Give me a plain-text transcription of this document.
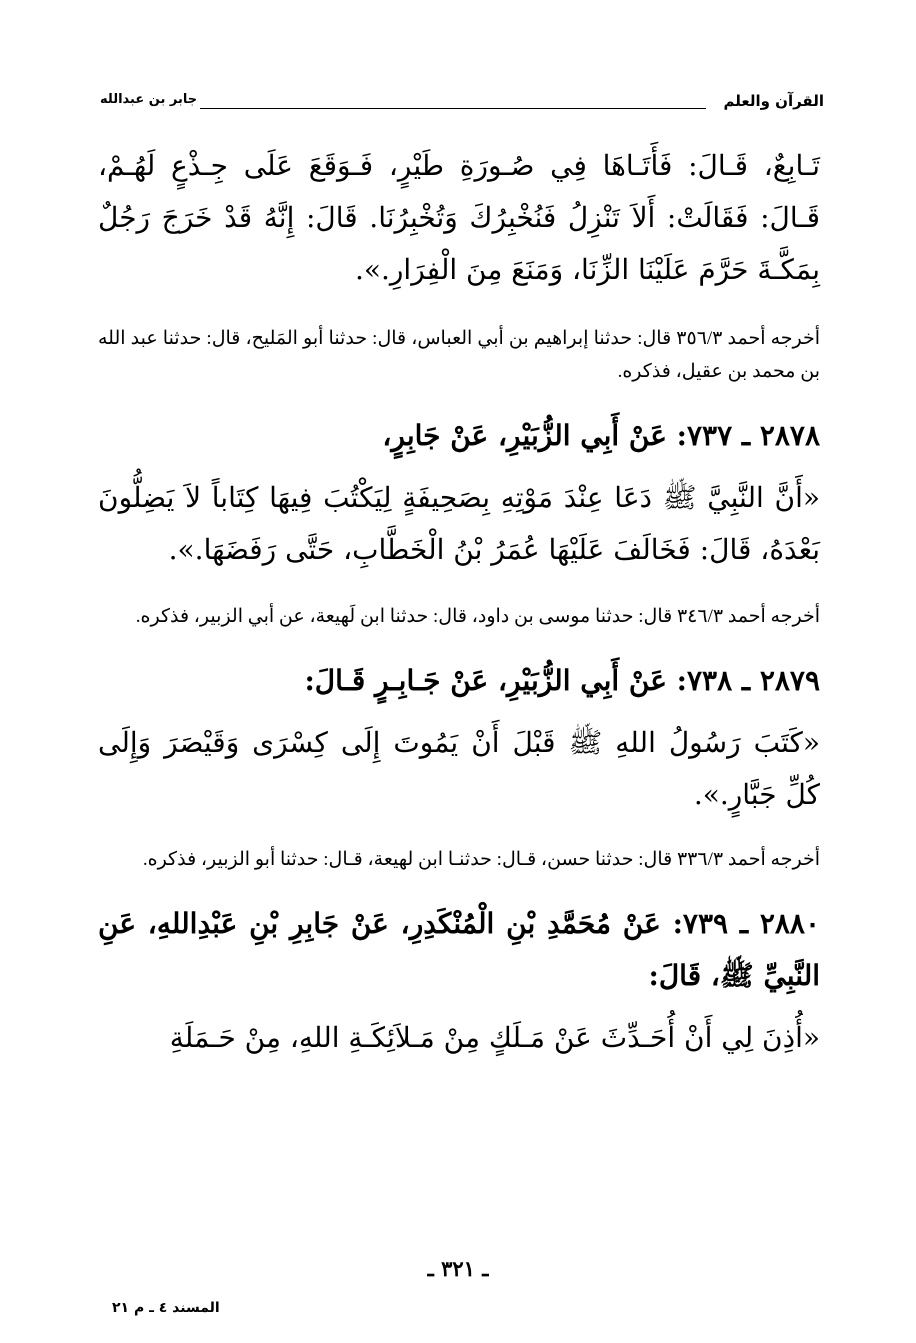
القرآن والعلم
جابر بن عبدالله

تَـابِعٌ، قَـالَ: فَأَتَـاهَا فِي صُـورَةِ طَيْرٍ، فَـوَقَعَ عَلَى جِـذْعٍ لَهُـمْ، قَـالَ: فَقَالَتْ: أَلاَ تَنْزِلُ فَنُخْبِرُكَ وَتُخْبِرُنَا. قَالَ: إِنَّهُ قَدْ خَرَجَ رَجُلٌ بِمَكَّـةَ حَرَّمَ عَلَيْنَا الزِّنَا، وَمَنَعَ مِنَ الْفِرَارِ.».

أخرجه أحمد ٣٥٦/٣ قال: حدثنا إبراهيم بن أبي العباس، قال: حدثنا أبو المَليح، قال: حدثنا عبد الله بن محمد بن عقيل، فذكره.

٢٨٧٨ ـ ٧٣٧: عَنْ أَبِي الزُّبَيْرِ، عَنْ جَابِرٍ،

«أَنَّ النَّبِيَّ ﷺ دَعَا عِنْدَ مَوْتِهِ بِصَحِيفَةٍ لِيَكْتُبَ فِيهَا كِتَاباً لاَ يَضِلُّونَ بَعْدَهُ، قَالَ: فَخَالَفَ عَلَيْهَا عُمَرُ بْنُ الْخَطَّابِ، حَتَّى رَفَضَهَا.».

أخرجه أحمد ٣٤٦/٣ قال: حدثنا موسى بن داود، قال: حدثنا ابن لَهيعة، عن أبي الزبير، فذكره.

٢٨٧٩ ـ ٧٣٨: عَنْ أَبِي الزُّبَيْرِ، عَنْ جَـابِـرٍ قَـالَ:

«كَتَبَ رَسُولُ اللهِ ﷺ قَبْلَ أَنْ يَمُوتَ إِلَى كِسْرَى وَقَيْصَرَ وَإِلَى كُلِّ جَبَّارٍ.».

أخرجه أحمد ٣٣٦/٣ قال: حدثنا حسن، قـال: حدثنـا ابن لهيعة، قـال: حدثنا أبو الزبير، فذكره.

٢٨٨٠ ـ ٧٣٩: عَنْ مُحَمَّدِ بْنِ الْمُنْكَدِرِ، عَنْ جَابِرِ بْنِ عَبْدِاللهِ، عَنِ النَّبِيِّ ﷺ، قَالَ:

«أُذِنَ لِي أَنْ أُحَـدِّثَ عَنْ مَـلَكٍ مِنْ مَـلاَئِكَـةِ اللهِ، مِنْ حَـمَلَةِ

ـ ٣٢١ ـ
المسند ٤ ـ م ٢١
